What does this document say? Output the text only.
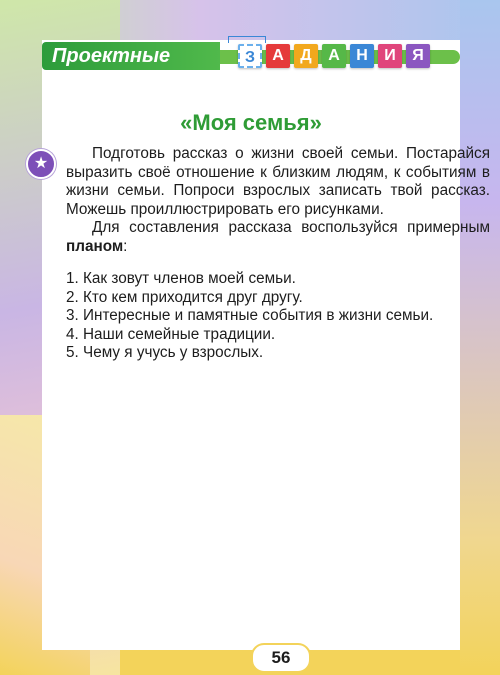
Проектные	З	А	Д	А	Н	И	Я
«Моя семья»
★

Подготовь рассказ о жизни своей семьи. Постарайся выразить своё отношение к близким людям, к событиям в жизни семьи. Попроси взрослых записать твой рассказ. Можешь проиллюстрировать его рисунками.

Для составления рассказа воспользуйся примерным планом:

1. Как зовут членов моей семьи.
2. Кто кем приходится друг другу.
3. Интересные и памятные события в жизни семьи.
4. Наши семейные традиции.
5. Чему я учусь у взрослых.
56
